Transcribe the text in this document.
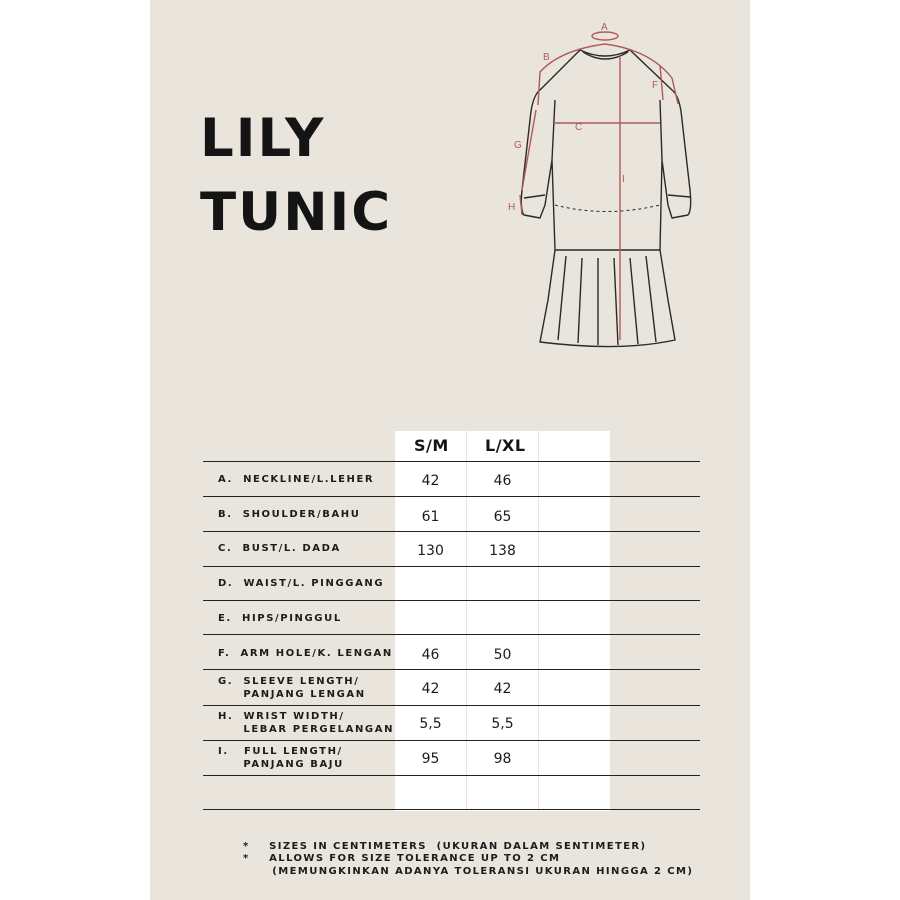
LILY
TUNIC
A
B
C
F
G
H
I
S/M L/XL
A.  NECKLINE/L.LEHER
B.  SHOULDER/BAHU
C.  BUST/L. DADA
D.  WAIST/L. PINGGANG
E.  HIPS/PINGGUL
F.  ARM HOLE/K. LENGAN
G.  SLEEVE LENGTH/
PANJANG LENGAN
H.  WRIST WIDTH/
LEBAR PERGELANGAN
I.   FULL LENGTH/
PANJANG BAJU
42
61
130
46
42
5,5
95
46
65
138
50
42
5,5
98
*    SIZES IN CENTIMETERS  (UKURAN DALAM SENTIMETER)
*    ALLOWS FOR SIZE TOLERANCE UP TO 2 CM
(MEMUNGKINKAN ADANYA TOLERANSI UKURAN HINGGA 2 CM)
